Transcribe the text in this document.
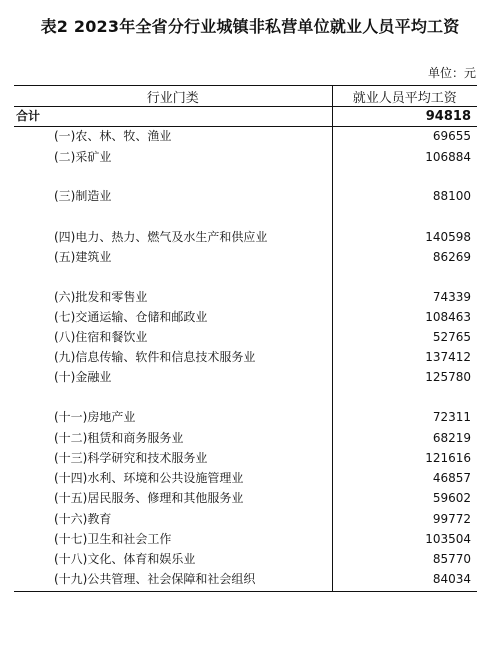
表2 2023年全省分行业城镇非私营单位就业人员平均工资
单位：元
行业门类	就业人员平均工资
合计	94818
(一)农、林、牧、渔业	69655
(二)采矿业	106884
(三)制造业	88100
(四)电力、热力、燃气及水生产和供应业	140598
(五)建筑业	86269
(六)批发和零售业	74339
(七)交通运输、仓储和邮政业	108463
(八)住宿和餐饮业	52765
(九)信息传输、软件和信息技术服务业	137412
(十)金融业	125780
(十一)房地产业	72311
(十二)租赁和商务服务业	68219
(十三)科学研究和技术服务业	121616
(十四)水利、环境和公共设施管理业	46857
(十五)居民服务、修理和其他服务业	59602
(十六)教育	99772
(十七)卫生和社会工作	103504
(十八)文化、体育和娱乐业	85770
(十九)公共管理、社会保障和社会组织	84034
